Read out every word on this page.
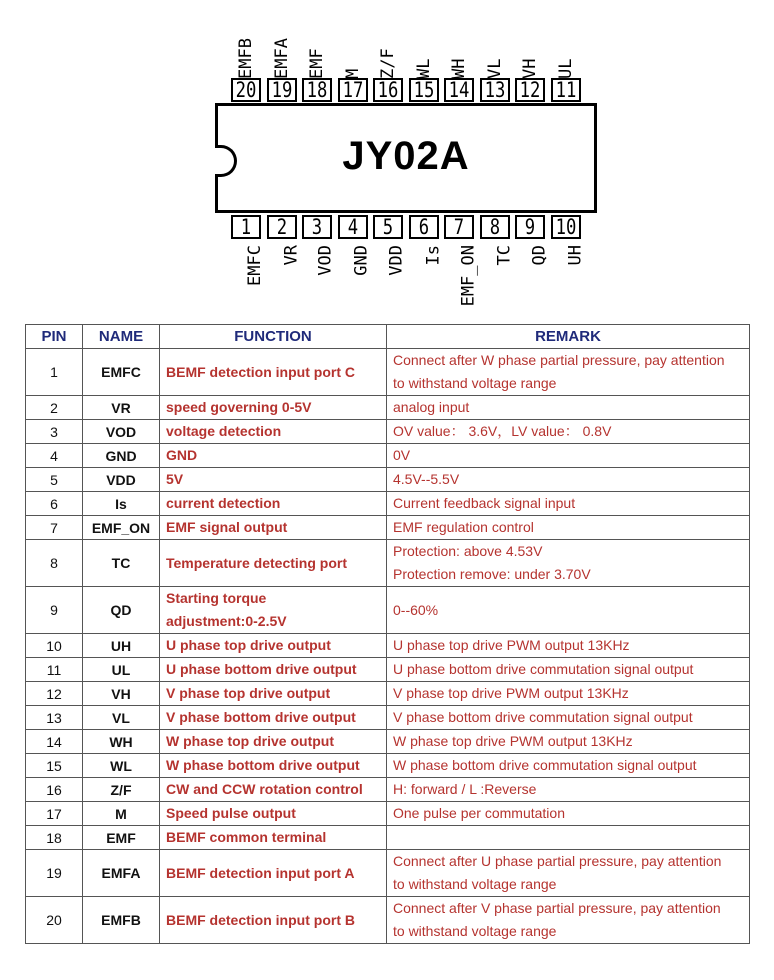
20
EMFB
19
EMFA
18
EMF
17
M
16
Z/F
15
WL
14
WH
13
VL
12
VH
11
UL
JY02A
1
EMFC
2
VR
3
VOD
4
GND
5
VDD
6
Is
7
EMF_ON
8
TC
9
QD
10
UH
PIN	NAME	FUNCTION	REMARK
1	EMFC	BEMF detection input port C	Connect after W phase partial pressure, pay attention
to withstand voltage range

2	VR	speed governing 0-5V	analog input

3	VOD	voltage detection	OV value： 3.6V，LV value： 0.8V

4	GND	GND	0V

5	VDD	5V	4.5V--5.5V

6	Is	current detection	Current feedback signal input

7	EMF_ON	EMF signal output	EMF regulation control

8	TC	Temperature detecting port	Protection: above 4.53V
Protection remove: under 3.70V

9	QD	Starting torque
adjustment:0-2.5V	0--60%

10	UH	U phase top drive output	U phase top drive PWM output 13KHz

11	UL	U phase bottom drive output	U phase bottom drive commutation signal output

12	VH	V phase top drive output	V phase top drive PWM output 13KHz

13	VL	V phase bottom drive output	V phase bottom drive commutation signal output

14	WH	W phase top drive output	W phase top drive PWM output 13KHz

15	WL	W phase bottom drive output	W phase bottom drive commutation signal output

16	Z/F	CW and CCW rotation control	H: forward / L :Reverse

17	M	Speed pulse output	One pulse per commutation

18	EMF	BEMF common terminal	

19	EMFA	BEMF detection input port A	Connect after U phase partial pressure, pay attention
to withstand voltage range

20	EMFB	BEMF detection input port B	Connect after V phase partial pressure, pay attention
to withstand voltage range
